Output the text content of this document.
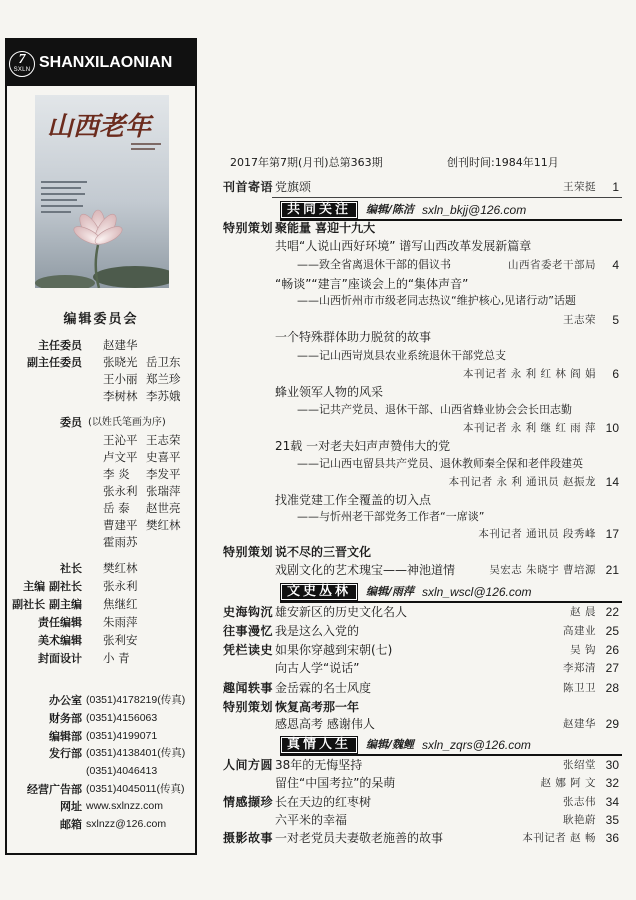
7
SXLN SHANXILAONIAN
山西老年
编辑委员会
主任委员 赵建华
副主任委员 张晓光 岳卫东
王小丽 郑兰珍
李树林 李苏娥
委员 (以姓氏笔画为序)
王沁平 王志荣
卢文平 史喜平
李 炎 李发平
张永利 张瑞萍
岳 泰 赵世亮
曹建平 樊红林
霍雨苏
社长 樊红林
主编 副社长 张永利
副社长 副主编 焦继红
责任编辑 朱雨萍
美术编辑 张利安
封面设计 小 青
办公室 (0351)4178219(传真)
财务部 (0351)4156063
编辑部 (0351)4199071
发行部 (0351)4138401(传真)
(0351)4046413
经营广告部 (0351)4045011(传真)
网址 www.sxlnzz.com
邮箱 sxlnzz@126.com
2017年第7期(月刊)总第363期	创刊时间:1984年11月
刊首寄语 党旗颂	王荣挺 1
共同关注	编辑/陈洁 sxln_bkjj@126.com
特别策划 聚能量 喜迎十九大
共唱“人说山西好环境” 谱写山西改革发展新篇章
——致全省离退休干部的倡议书	山西省委老干部局 4
“畅谈”“建言”座谈会上的“集体声音”
——山西忻州市市级老同志热议“维护核心,见诸行动”话题
王志荣 5
一个特殊群体助力脱贫的故事
——记山西岢岚县农业系统退休干部党总支
本刊记者 永 利 红 林 阎 娟 6
蜂业领军人物的风采
——记共产党员、退休干部、山西省蜂业协会会长田志勤
本刊记者 永 利 继 红 雨 萍 10
21载 一对老夫妇声声赞伟大的党
——记山西屯留县共产党员、退休教师秦全保和老伴段建英
本刊记者 永 利 通讯员 赵振龙 14
找准党建工作全覆盖的切入点
——与忻州老干部党务工作者“一席谈”
本刊记者 通讯员 段秀峰 17
特别策划 说不尽的三晋文化
戏剧文化的艺术瑰宝——神池道情	吴宏志 朱晓宇 曹培源 21
文史丛林	编辑/雨萍 sxln_wscl@126.com
史海钩沉 雄安新区的历史文化名人	赵 晨 22
往事漫忆 我是这么入党的	高建业 25
凭栏读史 如果你穿越到宋朝(七)	吴 钩 26
向古人学“说话”	李郑清 27
趣闻轶事 金岳霖的名士风度	陈卫卫 28
特别策划 恢复高考那一年
感恩高考 感谢伟人	赵建华 29
真情人生	编辑/魏鲤 sxln_zqrs@126.com
人间方圆 38年的无悔坚持	张绍堂 30
留住“中国考拉”的呆萌	赵 娜 阿 文 32
情感撷珍 长在天边的红枣树	张志伟 34
六平米的幸福	耿艳蔚 35
摄影故事 一对老党员夫妻敬老施善的故事	本刊记者 赵 畅 36
